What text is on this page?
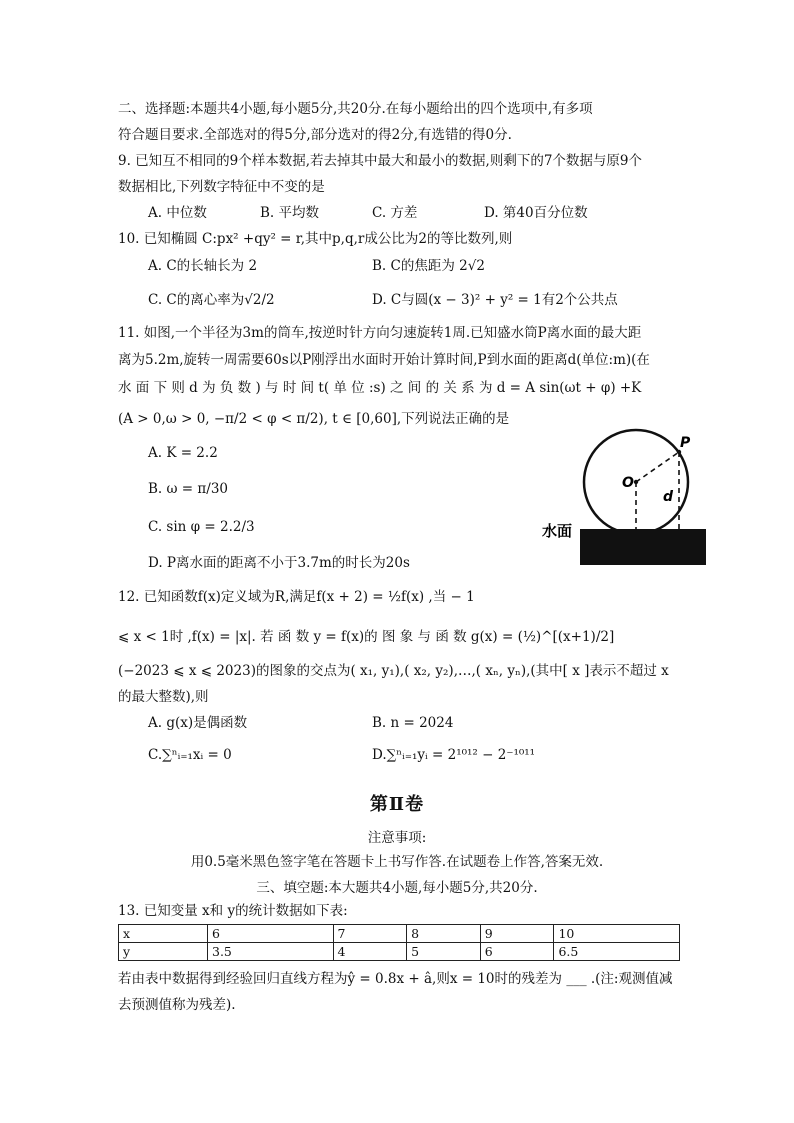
二、选择题:本题共4小题,每小题5分,共20分.在每小题给出的四个选项中,有多项
符合题目要求.全部选对的得5分,部分选对的得2分,有选错的得0分.
9. 已知互不相同的9个样本数据,若去掉其中最大和最小的数据,则剩下的7个数据与原9个
数据相比,下列数字特征中不变的是
A. 中位数	B. 平均数	C. 方差	D. 第40百分位数
10. 已知椭圆 C:px² +qy² = r,其中p,q,r成公比为2的等比数列,则
A. C的长轴长为 2	B. C的焦距为 2√2
C. C的离心率为√2/2	D. C与圆(x − 3)² + y² = 1有2个公共点
11. 如图,一个半径为3m的筒车,按逆时针方向匀速旋转1周.已知盛水筒P离水面的最大距
离为5.2m,旋转一周需要60s以P刚浮出水面时开始计算时间,P到水面的距离d(单位:m)(在
水 面 下 则 d 为 负 数 ) 与 时 间 t( 单 位 :s) 之 间 的 关 系 为 d = A sin(ωt + φ) +K
(A > 0,ω > 0, −π/2 < φ < π/2), t ∈ [0,60],下列说法正确的是
A. K = 2.2
B. ω = π/30
C. sin φ = 2.2/3
D. P离水面的距离不小于3.7m的时长为20s
O
P
d
水面
12. 已知函数f(x)定义域为R,满足f(x + 2) = ½f(x) ,当 − 1
⩽ x < 1时 ,f(x) = |x|. 若 函 数 y = f(x)的 图 象 与 函 数 g(x) = (½)^[(x+1)/2]
(−2023 ⩽ x ⩽ 2023)的图象的交点为( x₁, y₁),( x₂, y₂),…,( xₙ, yₙ),(其中[ x ]表示不超过 x
的最大整数),则
A. g(x)是偶函数	B. n = 2024
C.∑ⁿᵢ₌₁xᵢ = 0	D.∑ⁿᵢ₌₁yᵢ = 2¹⁰¹² − 2⁻¹⁰¹¹
第Ⅱ卷
注意事项:
用0.5毫米黑色签字笔在答题卡上书写作答.在试题卷上作答,答案无效.
三、填空题:本大题共4小题,每小题5分,共20分.
13. 已知变量 x和 y的统计数据如下表:
x	6	7	8	9	10
y	3.5	4	5	6	6.5
若由表中数据得到经验回归直线方程为ŷ = 0.8x + â,则x = 10时的残差为 ___ .(注:观测值减
去预测值称为残差).
